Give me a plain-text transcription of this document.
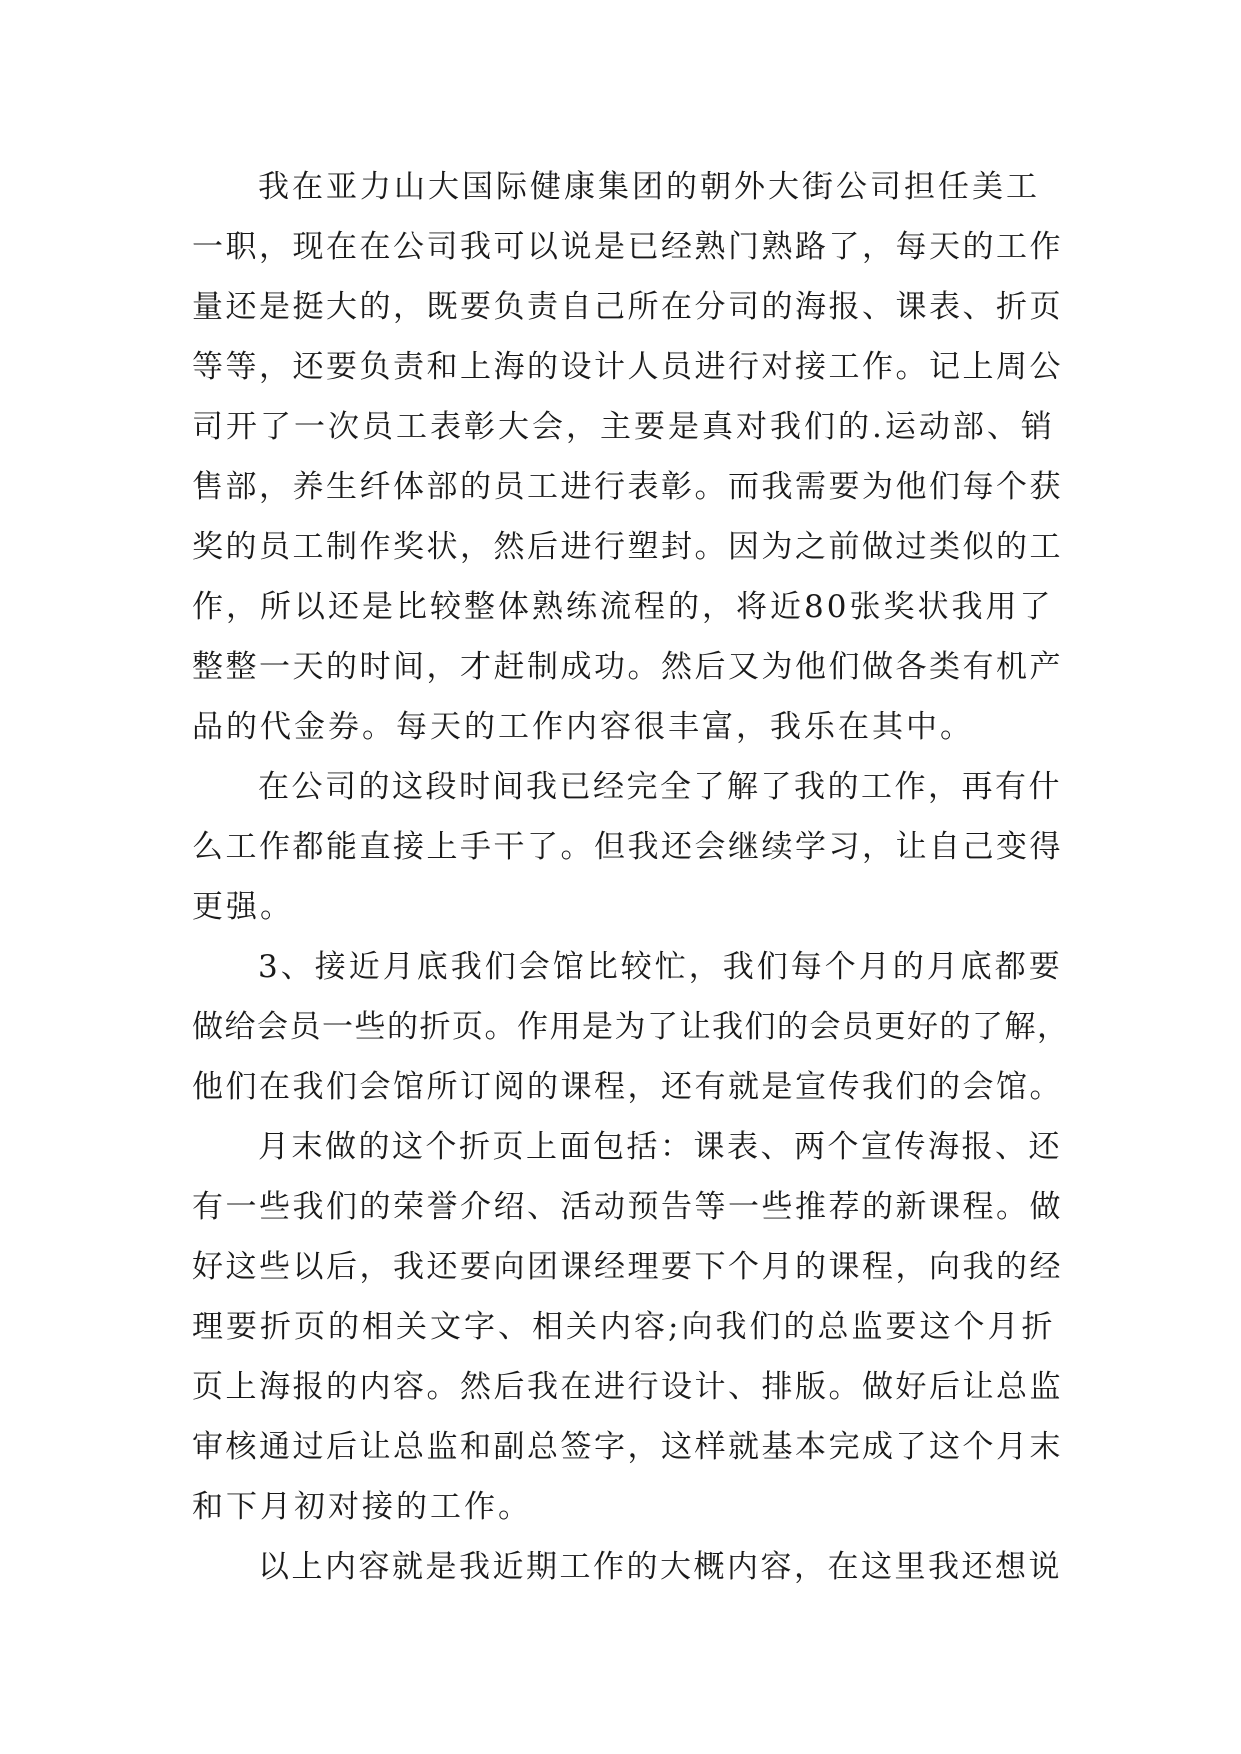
我在亚力山大国际健康集团的朝外大街公司担任美工
一职，现在在公司我可以说是已经熟门熟路了，每天的工作
量还是挺大的，既要负责自己所在分司的海报、课表、折页
等等，还要负责和上海的设计人员进行对接工作。记上周公
司开了一次员工表彰大会，主要是真对我们的.运动部、销
售部，养生纤体部的员工进行表彰。而我需要为他们每个获
奖的员工制作奖状，然后进行塑封。因为之前做过类似的工
作，所以还是比较整体熟练流程的，将近80张奖状我用了
整整一天的时间，才赶制成功。然后又为他们做各类有机产
品的代金券。每天的工作内容很丰富，我乐在其中。
在公司的这段时间我已经完全了解了我的工作，再有什
么工作都能直接上手干了。但我还会继续学习，让自己变得
更强。
3、接近月底我们会馆比较忙，我们每个月的月底都要
做给会员一些的折页。作用是为了让我们的会员更好的了解，
他们在我们会馆所订阅的课程，还有就是宣传我们的会馆。
月末做的这个折页上面包括：课表、两个宣传海报、还
有一些我们的荣誉介绍、活动预告等一些推荐的新课程。做
好这些以后，我还要向团课经理要下个月的课程，向我的经
理要折页的相关文字、相关内容;向我们的总监要这个月折
页上海报的内容。然后我在进行设计、排版。做好后让总监
审核通过后让总监和副总签字，这样就基本完成了这个月末
和下月初对接的工作。
以上内容就是我近期工作的大概内容，在这里我还想说
